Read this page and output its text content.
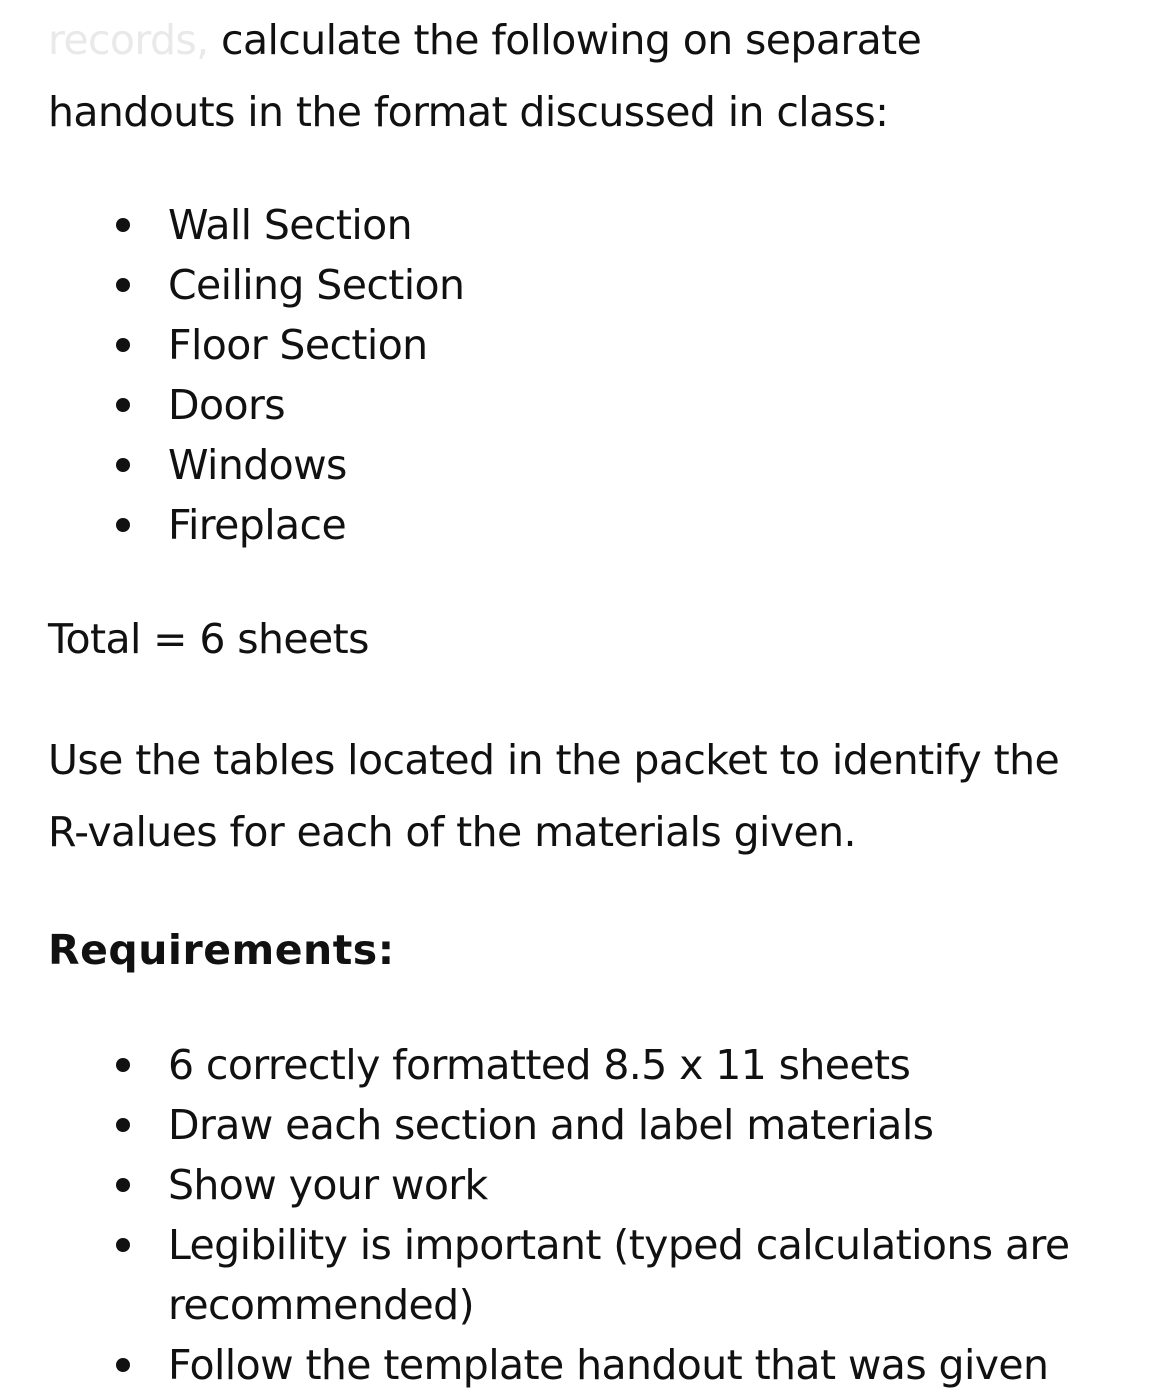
records, calculate the following on separate

handouts in the format discussed in class:

Wall Section
Ceiling Section
Floor Section
Doors
Windows
Fireplace

Total = 6 sheets

Use the tables located in the packet to identify the

R-values for each of the materials given.

Requirements:

6 correctly formatted 8.5 x 11 sheets
Draw each section and label materials
Show your work
Legibility is important (typed calculations are
recommended)
Follow the template handout that was given
